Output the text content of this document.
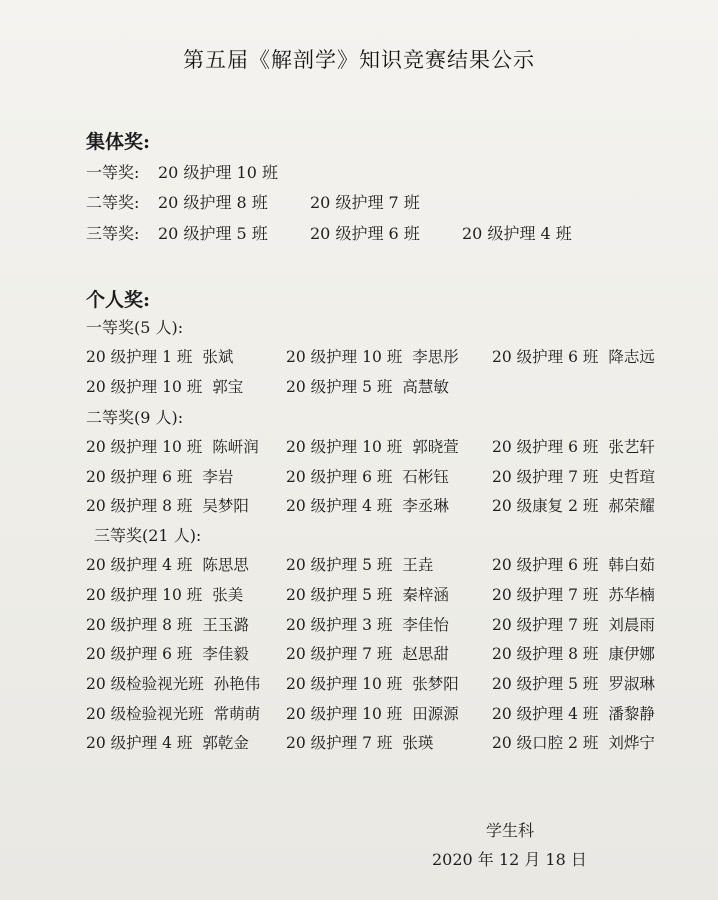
第五届《解剖学》知识竞赛结果公示
集体奖:
一等奖: 20 级护理 10 班
二等奖: 20 级护理 8 班	20 级护理 7 班
三等奖: 20 级护理 5 班	20 级护理 6 班	20 级护理 4 班
个人奖:
一等奖(5 人):
二等奖(9 人):
三等奖(21 人):
20 级护理 1 班 张斌	20 级护理 10 班 李思彤 20 级护理 6 班 降志远
20 级护理 10 班 郭宝	20 级护理 5 班 高慧敏
20 级护理 10 班 陈岍润 20 级护理 10 班 郭晓萱 20 级护理 6 班 张艺轩
20 级护理 6 班 李岩	20 级护理 6 班 石彬钰	20 级护理 7 班 史哲瑄
20 级护理 8 班 吴梦阳 20 级护理 4 班 李丞琳	20 级康复 2 班 郝荣耀
20 级护理 4 班 陈思思 20 级护理 5 班 王垚	20 级护理 6 班 韩白茹
20 级护理 10 班 张美	20 级护理 5 班 秦梓涵	20 级护理 7 班 苏华楠
20 级护理 8 班 王玉潞 20 级护理 3 班 李佳怡	20 级护理 7 班 刘晨雨
20 级护理 6 班 李佳毅 20 级护理 7 班 赵思甜	20 级护理 8 班 康伊娜
20 级检验视光班 孙艳伟 20 级护理 10 班 张梦阳 20 级护理 5 班 罗淑琳
20 级检验视光班 常萌萌 20 级护理 10 班 田源源 20 级护理 4 班 潘黎静
20 级护理 4 班 郭乾金 20 级护理 7 班 张瑛	20 级口腔 2 班 刘烨宁
学生科
2020 年 12 月 18 日
